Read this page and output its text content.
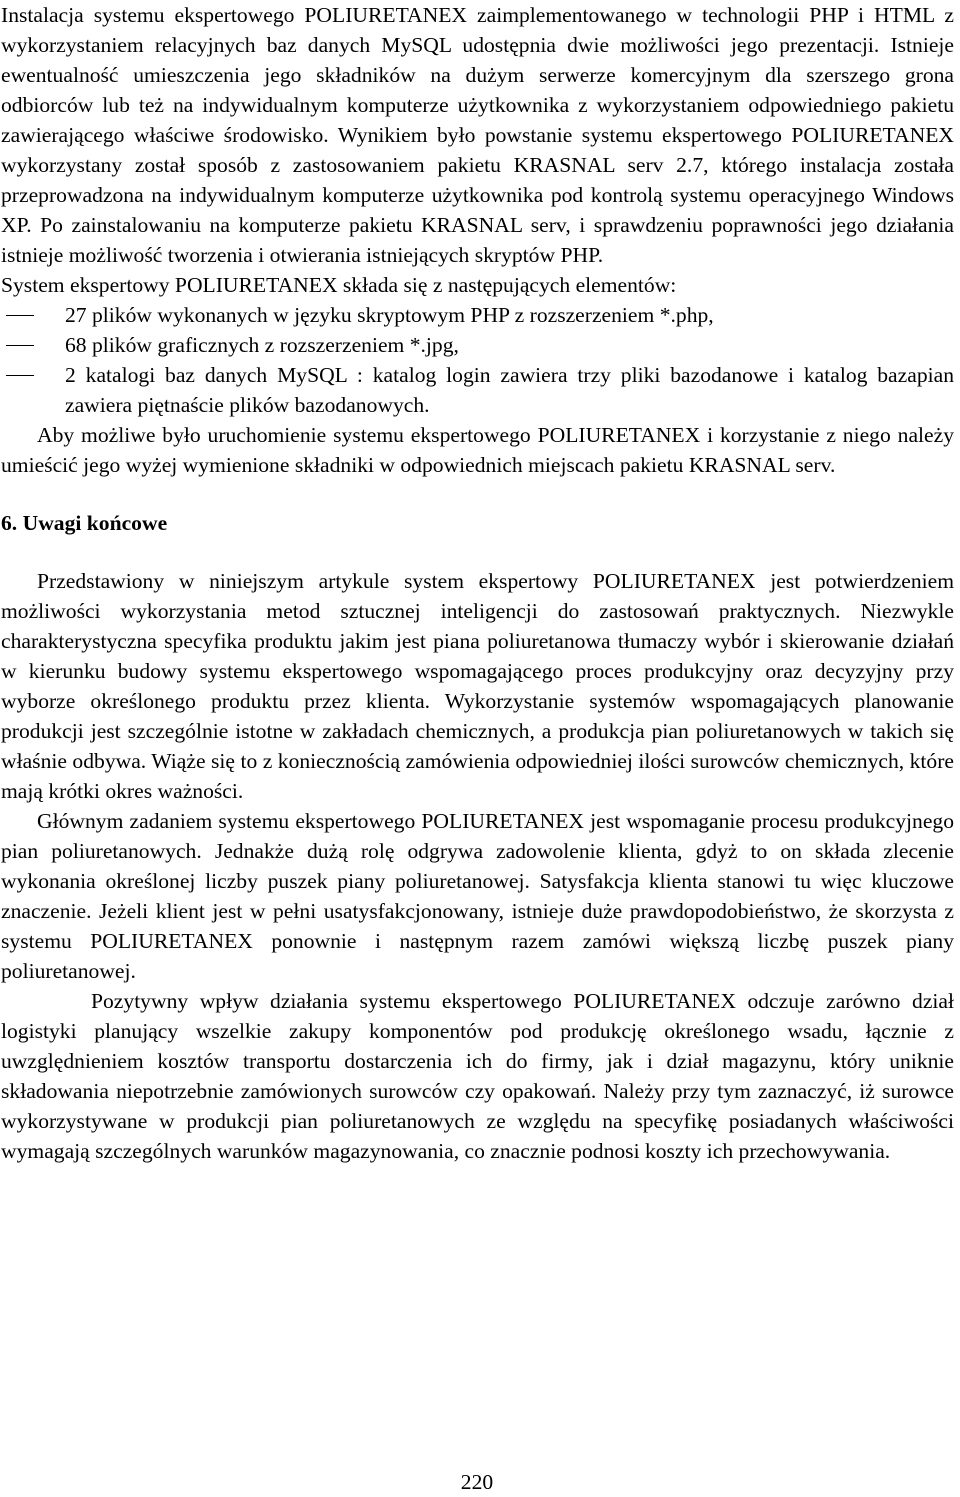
Instalacja systemu ekspertowego POLIURETANEX zaimplementowanego w technologii PHP i HTML z wykorzystaniem relacyjnych baz danych MySQL udostępnia dwie możliwości jego prezentacji. Istnieje ewentualność umieszczenia jego składników na dużym serwerze komercyjnym dla szerszego grona odbiorców lub też na indywidualnym komputerze użytkownika z wykorzystaniem odpowiedniego pakietu zawierającego właściwe środowisko. Wynikiem było powstanie systemu ekspertowego POLIURETANEX wykorzystany został sposób z zastosowaniem pakietu KRASNAL serv 2.7, którego instalacja została przeprowadzona na indywidualnym komputerze użytkownika pod kontrolą systemu operacyjnego Windows XP. Po zainstalowaniu na komputerze pakietu KRASNAL serv, i sprawdzeniu poprawności jego działania istnieje możliwość tworzenia i otwierania istniejących skryptów PHP.

System ekspertowy POLIURETANEX składa się z następujących elementów:

27 plików wykonanych w języku skryptowym PHP z rozszerzeniem *.php,
68 plików graficznych z rozszerzeniem *.jpg,
2 katalogi baz danych MySQL : katalog login zawiera trzy pliki bazodanowe i katalog bazapian zawiera piętnaście plików bazodanowych.

Aby możliwe było uruchomienie systemu ekspertowego POLIURETANEX i korzystanie z niego należy umieścić jego wyżej wymienione składniki w odpowiednich miejscach pakietu KRASNAL serv.

6. Uwagi końcowe

Przedstawiony w niniejszym artykule system ekspertowy POLIURETANEX jest potwierdzeniem możliwości wykorzystania metod sztucznej inteligencji do zastosowań praktycznych. Niezwykle charakterystyczna specyfika produktu jakim jest piana poliuretanowa tłumaczy wybór i skierowanie działań w kierunku budowy systemu ekspertowego wspomagającego proces produkcyjny oraz decyzyjny przy wyborze określonego produktu przez klienta. Wykorzystanie systemów wspomagających planowanie produkcji jest szczególnie istotne w zakładach chemicznych, a produkcja pian poliuretanowych w takich się właśnie odbywa. Wiąże się to z koniecznością zamówienia odpowiedniej ilości surowców chemicznych, które mają krótki okres ważności.

Głównym zadaniem systemu ekspertowego POLIURETANEX jest wspomaganie procesu produkcyjnego pian poliuretanowych. Jednakże dużą rolę odgrywa zadowolenie klienta, gdyż to on składa zlecenie wykonania określonej liczby puszek piany poliuretanowej. Satysfakcja klienta stanowi tu więc kluczowe znaczenie. Jeżeli klient jest w pełni usatysfakcjonowany, istnieje duże prawdopodobieństwo, że skorzysta z systemu POLIURETANEX ponownie i następnym razem zamówi większą liczbę puszek piany poliuretanowej.

Pozytywny wpływ działania systemu ekspertowego POLIURETANEX odczuje zarówno dział logistyki planujący wszelkie zakupy komponentów pod produkcję określonego wsadu, łącznie z uwzględnieniem kosztów transportu dostarczenia ich do firmy, jak i dział magazynu, który uniknie składowania niepotrzebnie zamówionych surowców czy opakowań. Należy przy tym zaznaczyć, iż surowce wykorzystywane w produkcji pian poliuretanowych ze względu na specyfikę posiadanych właściwości wymagają szczególnych warunków magazynowania, co znacznie podnosi koszty ich przechowywania.

220
